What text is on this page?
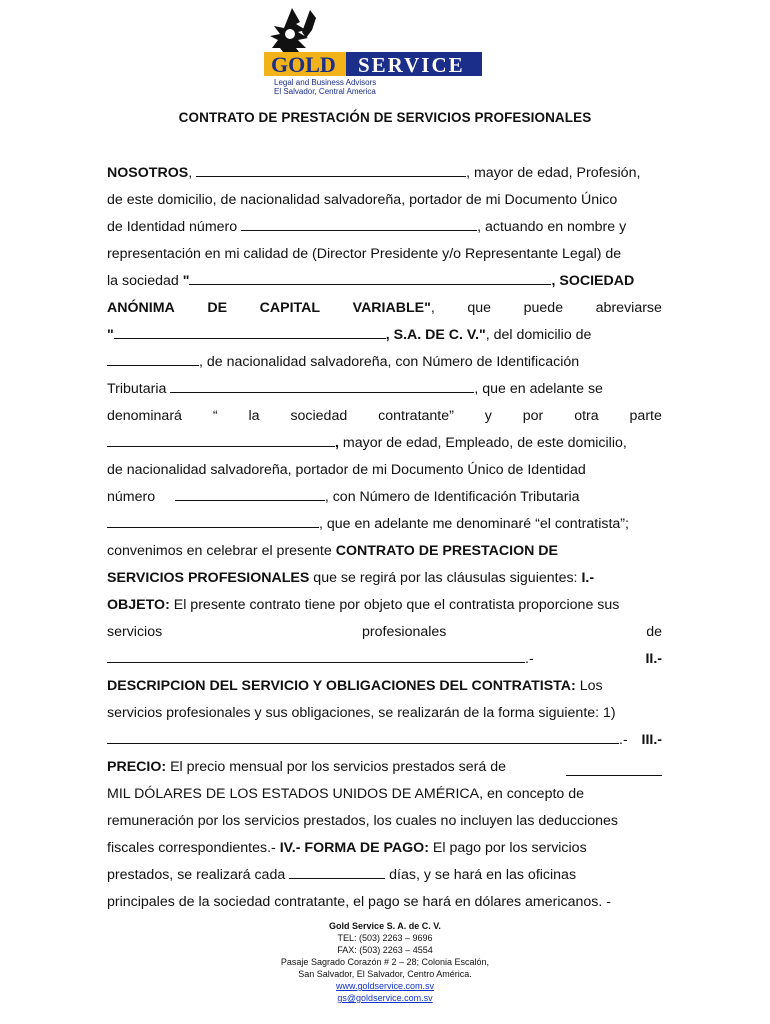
GOLD SERVICE
Legal and Business Advisors
El Salvador, Central America
CONTRATO DE PRESTACIÓN DE SERVICIOS PROFESIONALES

NOSOTROS,	, mayor de edad, Profesión,

de este domicilio, de nacionalidad salvadoreña, portador de mi Documento Único

de Identidad número	, actuando en nombre y

representación en mi calidad de (Director Presidente y/o Representante Legal) de

la sociedad "	, SOCIEDAD

ANÓNIMA DE CAPITAL VARIABLE", que puede abreviarse

"	, S.A. DE C. V.", del domicilio de

, de nacionalidad salvadoreña, con Número de Identificación

Tributaria	, que en adelante se

denominará “ la sociedad contratante” y por otra parte

, mayor de edad, Empleado, de este domicilio,

de nacionalidad salvadoreña, portador de mi Documento Único de Identidad

número	, con Número de Identificación Tributaria

, que en adelante me denominaré “el contratista”;

convenimos en celebrar el presente CONTRATO DE PRESTACION DE

SERVICIOS PROFESIONALES que se regirá por las cláusulas siguientes: I.-

OBJETO: El presente contrato tiene por objeto que el contratista proporcione sus

servicios	profesionales	de
.-	II.-

DESCRIPCION DEL SERVICIO Y OBLIGACIONES DEL CONTRATISTA: Los

servicios profesionales y sus obligaciones, se realizarán de la forma siguiente: 1)

.- III.-
PRECIO: El precio mensual por los servicios prestados será de

MIL DÓLARES DE LOS ESTADOS UNIDOS DE AMÉRICA, en concepto de

remuneración por los servicios prestados, los cuales no incluyen las deducciones

fiscales correspondientes.- IV.- FORMA DE PAGO: El pago por los servicios

prestados, se realizará cada	días, y se hará en las oficinas

principales de la sociedad contratante, el pago se hará en dólares americanos. -

Gold Service S. A. de C. V.
TEL: (503) 2263 – 9696
FAX: (503) 2263 – 4554
Pasaje Sagrado Corazón # 2 – 28; Colonia Escalón,
San Salvador, El Salvador, Centro América.
www.goldservice.com.sv
gs@goldservice.com.sv
